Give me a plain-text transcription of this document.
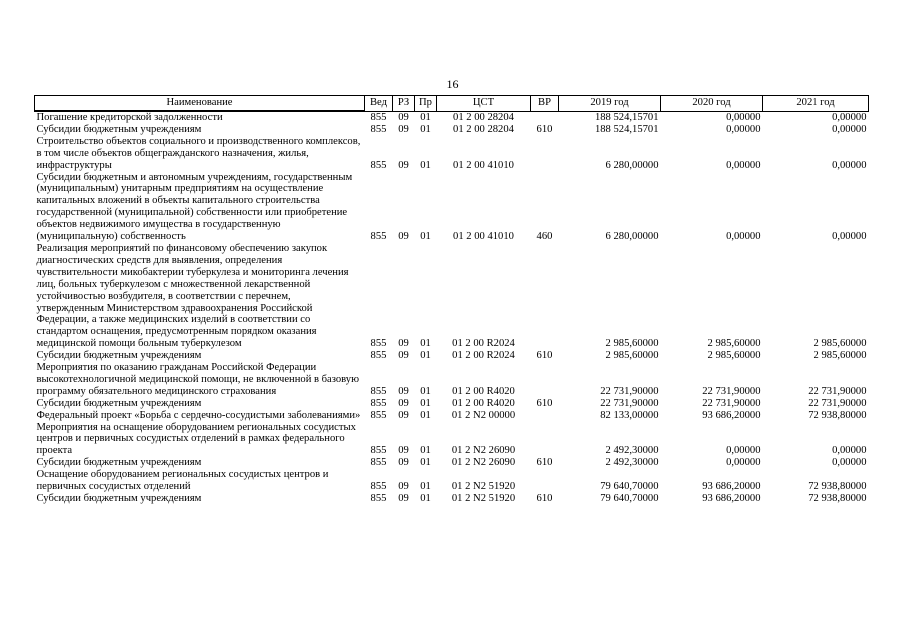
16
Наименование	Вед	РЗ	Пр	ЦСТ	ВР	2019 год	2020 год	2021 год
Погашение кредиторской задолженности	855	09	01	01 2 00 28204		188 524,15701	0,00000	0,00000
Субсидии бюджетным учреждениям	855	09	01	01 2 00 28204	610	188 524,15701	0,00000	0,00000
Строительство объектов социального и производственного комплексов, в том числе объектов общегражданского назначения, жилья, инфраструктуры	855	09	01	01 2 00 41010		6 280,00000	0,00000	0,00000
Субсидии бюджетным и автономным учреждениям, государственным (муниципальным) унитарным предприятиям на осуществление капитальных вложений в объекты капитального строительства государственной (муниципальной) собственности или приобретение объектов недвижимого имущества в государственную (муниципальную) собственность	855	09	01	01 2 00 41010	460	6 280,00000	0,00000	0,00000
Реализация мероприятий по финансовому обеспечению закупок диагностических средств для выявления, определения чувствительности микобактерии туберкулеза и мониторинга лечения лиц, больных туберкулезом с множественной лекарственной устойчивостью возбудителя, в соответствии с перечнем, утвержденным Министерством здравоохранения Российской Федерации, а также медицинских изделий в соответствии со стандартом оснащения, предусмотренным порядком оказания медицинской помощи больным туберкулезом	855	09	01	01 2 00 R2024		2 985,60000	2 985,60000	2 985,60000
Субсидии бюджетным учреждениям	855	09	01	01 2 00 R2024	610	2 985,60000	2 985,60000	2 985,60000
Мероприятия по оказанию гражданам Российской Федерации высокотехнологичной медицинской помощи, не включенной в базовую программу обязательного медицинского страхования	855	09	01	01 2 00 R4020		22 731,90000	22 731,90000	22 731,90000
Субсидии бюджетным учреждениям	855	09	01	01 2 00 R4020	610	22 731,90000	22 731,90000	22 731,90000
Федеральный проект «Борьба с сердечно-сосудистыми заболеваниями»	855	09	01	01 2 N2 00000		82 133,00000	93 686,20000	72 938,80000
Мероприятия на оснащение оборудованием региональных сосудистых центров и первичных сосудистых отделений в рамках федерального проекта	855	09	01	01 2 N2 26090		2 492,30000	0,00000	0,00000
Субсидии бюджетным учреждениям	855	09	01	01 2 N2 26090	610	2 492,30000	0,00000	0,00000
Оснащение оборудованием региональных сосудистых центров и первичных сосудистых отделений	855	09	01	01 2 N2 51920		79 640,70000	93 686,20000	72 938,80000
Субсидии бюджетным учреждениям	855	09	01	01 2 N2 51920	610	79 640,70000	93 686,20000	72 938,80000
